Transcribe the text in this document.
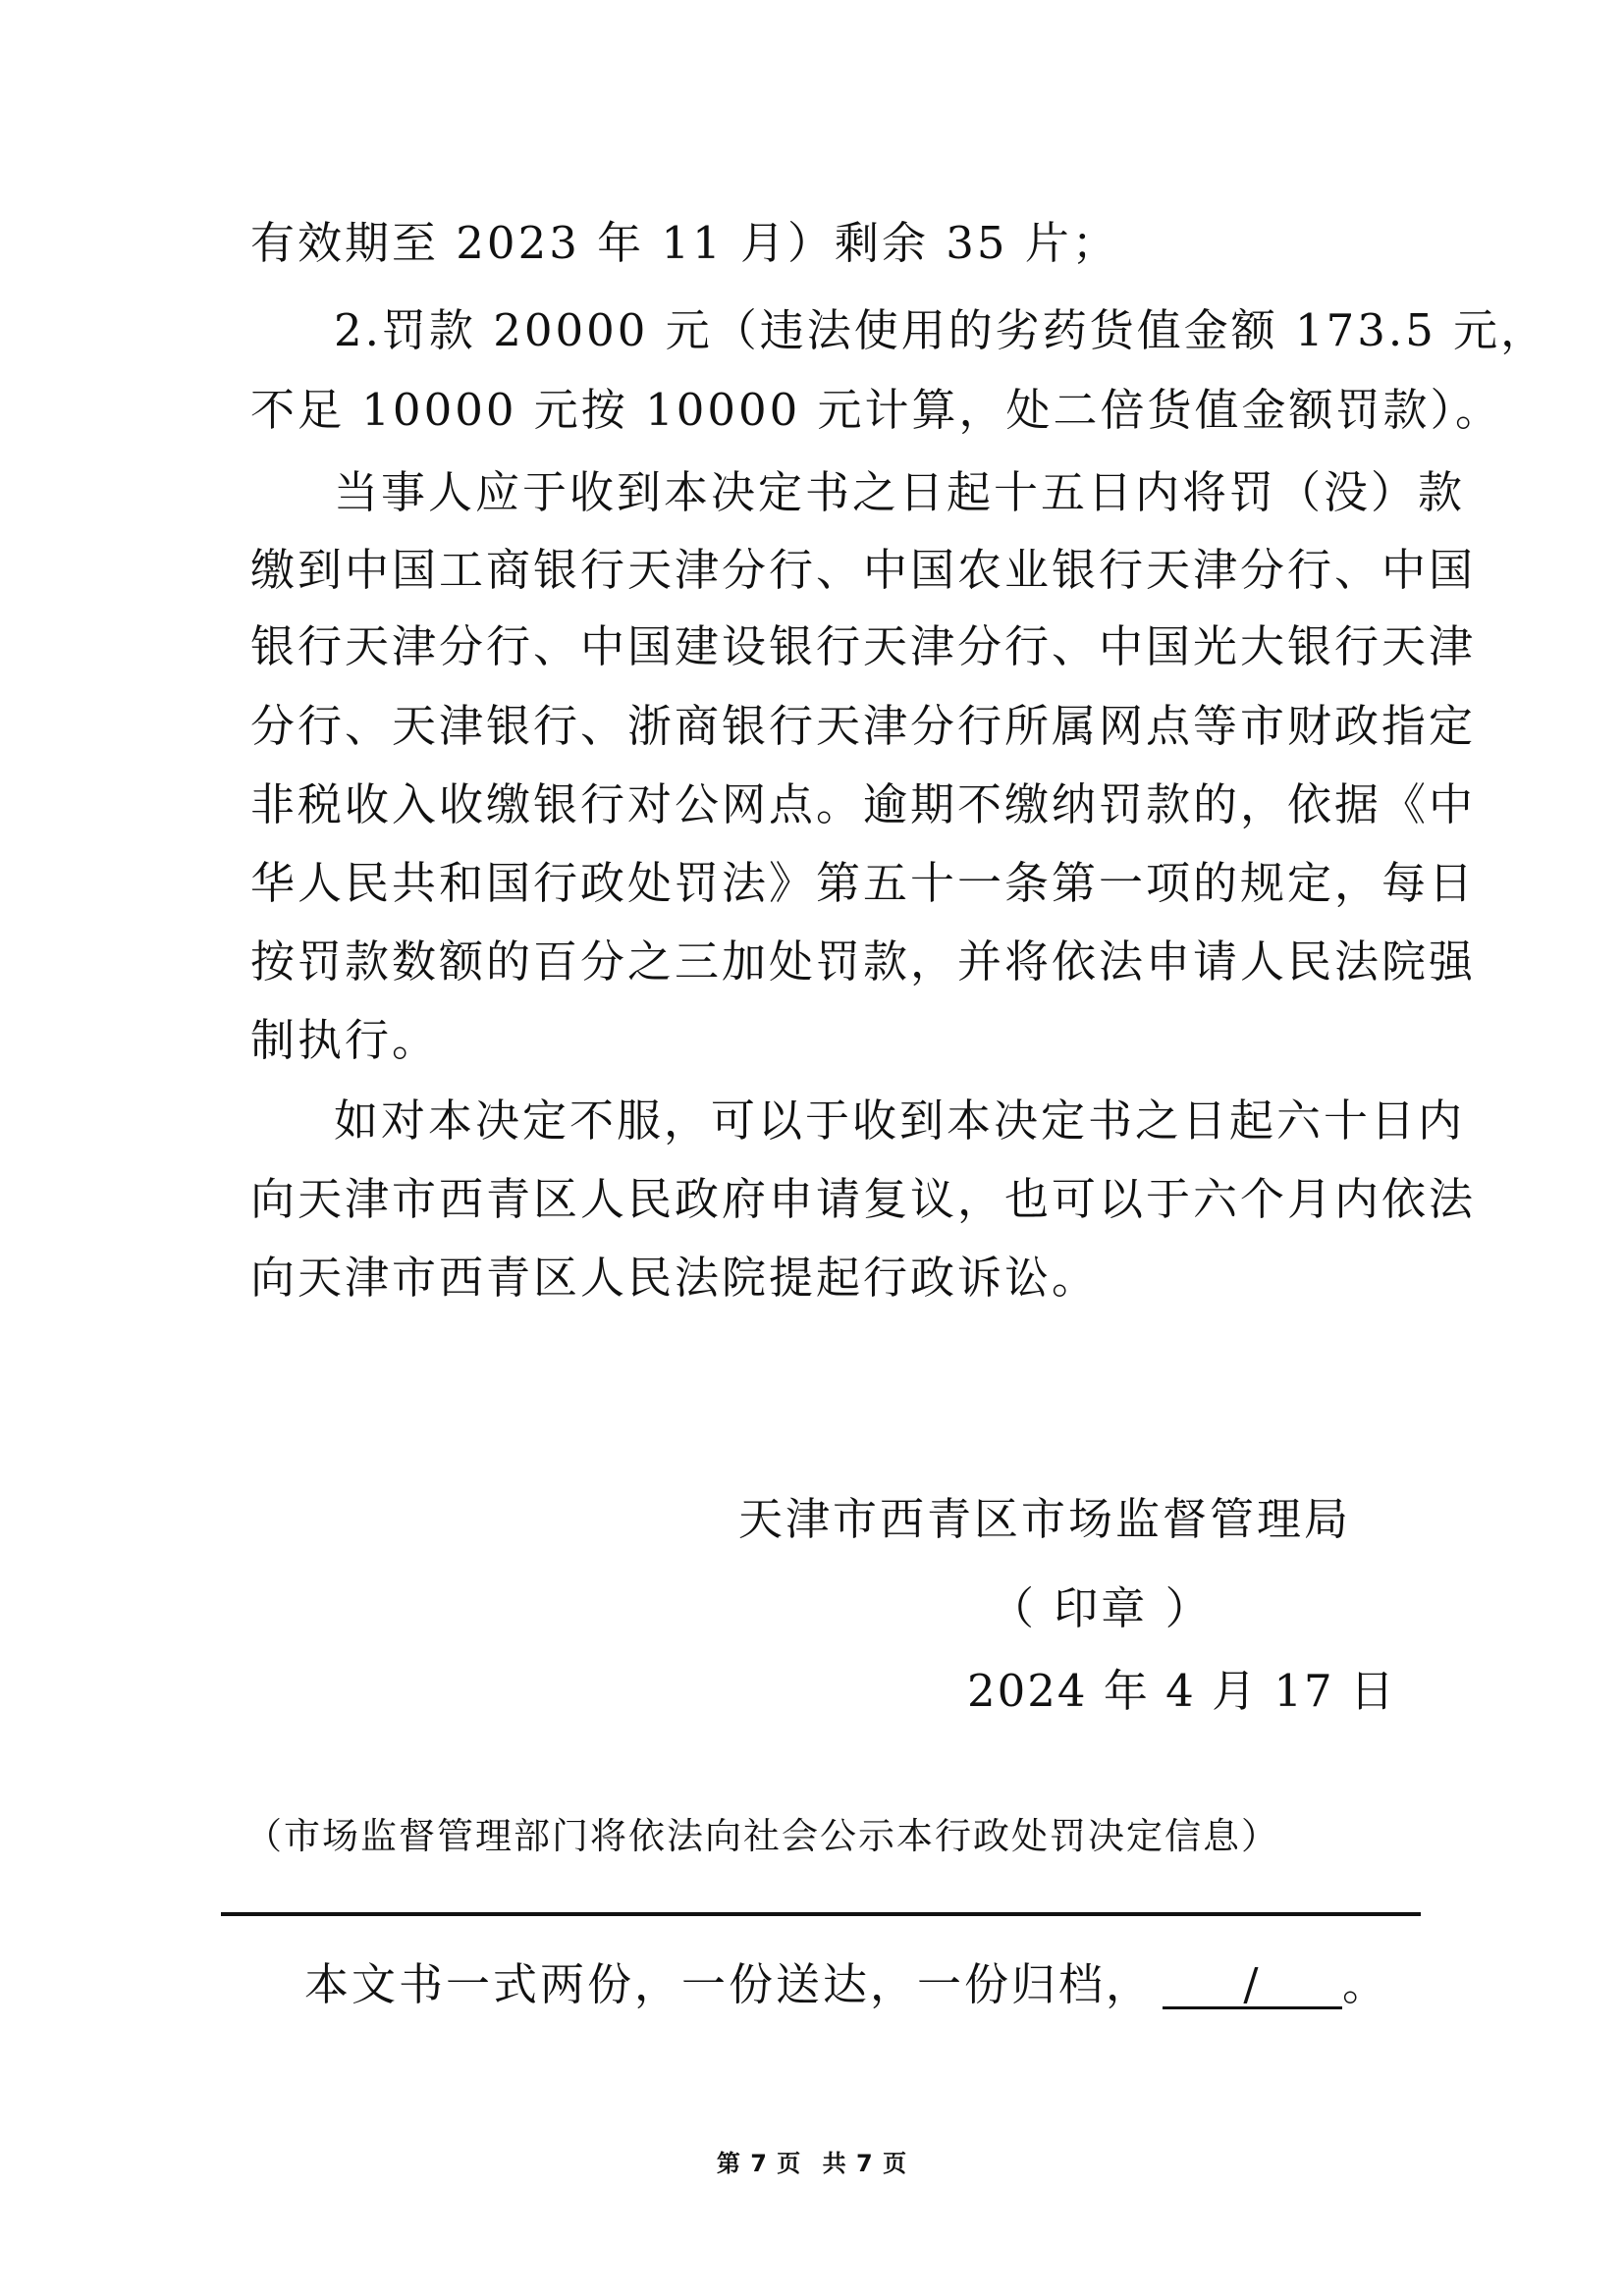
有效期至 2023 年 11 月）剩余 35 片；
2.罚款 20000 元（违法使用的劣药货值金额 173.5 元，
不足 10000 元按 10000 元计算，处二倍货值金额罚款）。
当事人应于收到本决定书之日起十五日内将罚（没）款
缴到中国工商银行天津分行、中国农业银行天津分行、中国
银行天津分行、中国建设银行天津分行、中国光大银行天津
分行、天津银行、浙商银行天津分行所属网点等市财政指定
非税收入收缴银行对公网点。逾期不缴纳罚款的，依据《中
华人民共和国行政处罚法》第五十一条第一项的规定，每日
按罚款数额的百分之三加处罚款，并将依法申请人民法院强
制执行。
如对本决定不服，可以于收到本决定书之日起六十日内
向天津市西青区人民政府申请复议，也可以于六个月内依法
向天津市西青区人民法院提起行政诉讼。
天津市西青区市场监督管理局
（ 印章 ）
2024 年 4 月 17 日
（市场监督管理部门将依法向社会公示本行政处罚决定信息）
本文书一式两份，一份送达，一份归档， / 。
第 7 页 共 7 页
